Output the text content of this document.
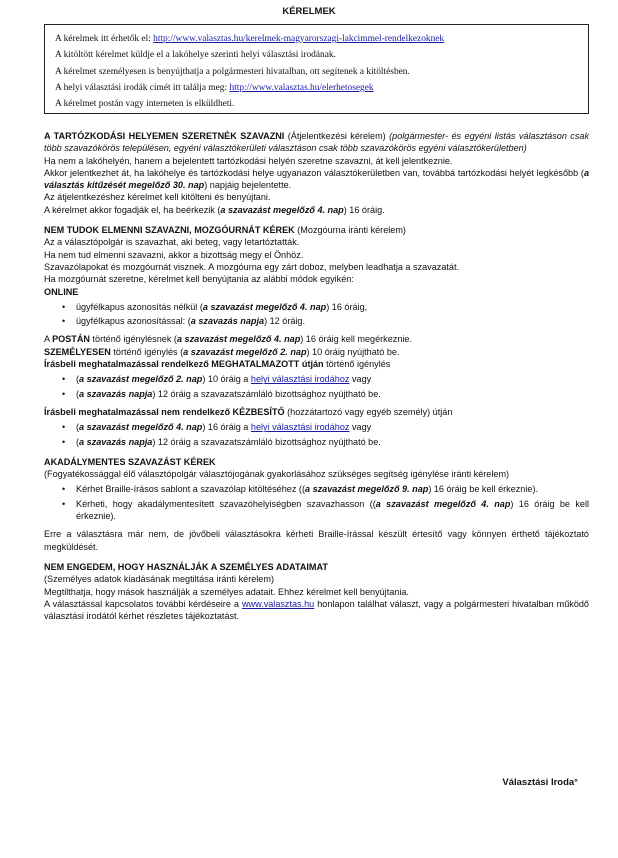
KÉRELMEK

A kérelmek itt érhetők el: http://www.valasztas.hu/kerelmek-magyarorszagi-lakcimmel-rendelkezoknek

A kitöltött kérelmet küldje el a lakóhelye szerinti helyi választási irodának.

A kérelmet személyesen is benyújthatja a polgármesteri hivatalban, ott segítenek a kitöltésben.

A helyi választási irodák címét itt találja meg: http://www.valasztas.hu/elerhetosegek

A kérelmet postán vagy interneten is elküldheti.

A TARTÓZKODÁSI HELYEMEN SZERETNÉK SZAVAZNI (Átjelentkezési kérelem) (polgármester- és egyéni listás választáson csak több szavazókörös településen, egyéni választókerületi választáson csak több szavazókörös egyéni választókerületben)

Ha nem a lakóhelyén, hanem a bejelentett tartózkodási helyén szeretne szavazni, át kell jelentkeznie.

Akkor jelentkezhet át, ha lakóhelye és tartózkodási helye ugyanazon választókerületben van, továbbá tartózkodási helyét legkésőbb (a választás kitűzését megelőző 30. nap) napjáig bejelentette.

Az átjelentkezéshez kérelmet kell kitölteni és benyújtani.

A kérelmet akkor fogadják el, ha beérkezik (a szavazást megelőző 4. nap) 16 óráig.

NEM TUDOK ELMENNI SZAVAZNI, MOZGÓURNÁT KÉREK (Mozgóurna iránti kérelem)

Az a választópolgár is szavazhat, aki beteg, vagy letartóztatták.

Ha nem tud elmenni szavazni, akkor a bizottság megy el Önhöz.

Szavazólapokat és mozgóurnát visznek. A mozgóurna egy zárt doboz, melyben leadhatja a szavazatát.

Ha mozgóurnát szeretne, kérelmet kell benyújtania az alábbi módok egyikén:

ONLINE

• ügyfélkapus azonosítás nélkül (a szavazást megelőző 4. nap) 16 óráig,
• ügyfélkapus azonosítással: (a szavazás napja) 12 óráig.

A POSTÁN történő igénylésnek (a szavazást megelőző 4. nap) 16 óráig kell megérkeznie.

SZEMÉLYESEN történő igénylés (a szavazást megelőző 2. nap) 10 óráig nyújtható be.

Írásbeli meghatalmazással rendelkező MEGHATALMAZOTT útján történő igénylés

• (a szavazást megelőző 2. nap) 10 óráig a helyi választási irodához vagy
• (a szavazás napja) 12 óráig a szavazatszámláló bizottsághoz nyújtható be.

Írásbeli meghatalmazással nem rendelkező KÉZBESÍTŐ (hozzátartozó vagy egyéb személy) útján

• (a szavazást megelőző 4. nap) 16 óráig a helyi választási irodához vagy
• (a szavazás napja) 12 óráig a szavazatszámláló bizottsághoz nyújtható be.

AKADÁLYMENTES SZAVAZÁST KÉREK

(Fogyatékossággal élő választópolgár választójogának gyakorlásához szükséges segítség igénylése iránti kérelem)

• Kérhet Braille-írásos sablont a szavazólap kitöltéséhez ((a szavazást megelőző 9. nap) 16 óráig be kell érkeznie).
• Kérheti, hogy akadálymentesített szavazóhelyiségben szavazhasson ((a szavazást megelőző 4. nap) 16 óráig be kell érkeznie).

Erre a választásra már nem, de jövőbeli választásokra kérheti Braille-írással készült értesítő vagy könnyen érthető tájékoztató megküldését.

NEM ENGEDEM, HOGY HASZNÁLJÁK A SZEMÉLYES ADATAIMAT

(Személyes adatok kiadásának megtiltása iránti kérelem)

Megtilthatja, hogy mások használják a személyes adatait. Ehhez kérelmet kell benyújtania.

A választással kapcsolatos további kérdéseire a www.valasztas.hu honlapon találhat választ, vagy a polgármesteri hivatalban működő választási irodától kérhet részletes tájékoztatást.

Választási Iroda°
